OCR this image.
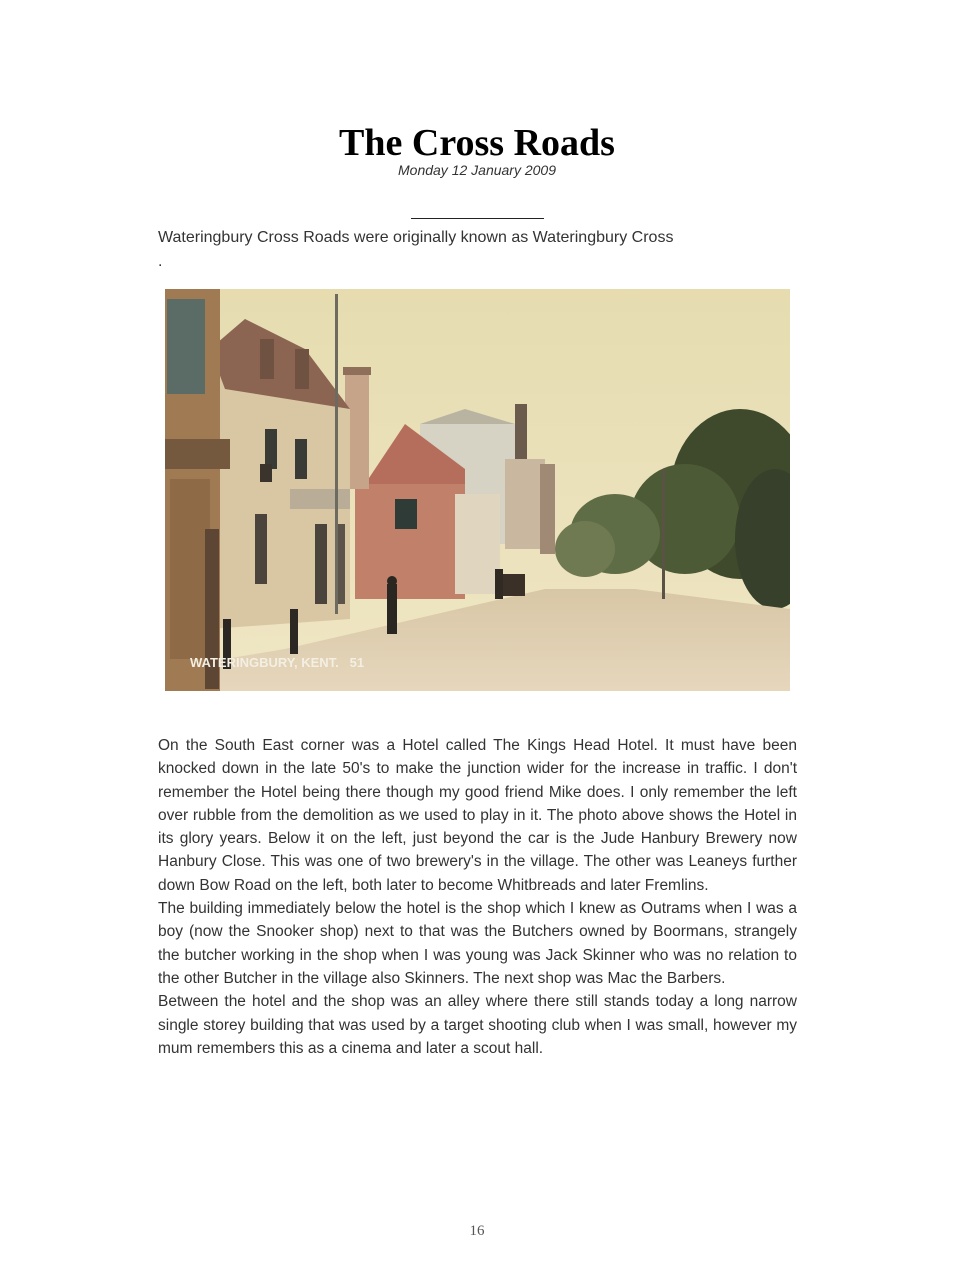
The Cross Roads
Monday 12 January 2009
Wateringbury Cross Roads were originally known as Wateringbury Cross
.
WATERINGBURY, KENT.   51

On the South East corner was a Hotel called The Kings Head Hotel. It must have been knocked down in the late 50's to make the junction wider for the increase in traffic. I don't remember the Hotel being there though my good friend Mike does. I only remember the left over rubble from the demolition as we used to play in it. The photo above shows the Hotel in its glory years. Below it on the left, just beyond the car is the Jude Hanbury Brewery now Hanbury Close. This was one of two brewery's in the village. The other was Leaneys further down Bow Road on the left, both later to become Whitbreads and later Fremlins.

The building immediately below the hotel is the shop which I knew as Outrams when I was a boy (now the Snooker shop) next to that was the Butchers owned by Boormans, strangely the butcher working in the shop when I was young was Jack Skinner who was no relation to the other Butcher in the village also Skinners. The next shop was Mac the Barbers.

Between the hotel and the shop was an alley where there still stands today a long narrow single storey building that was used by a target shooting club when I was small, however my mum remembers this as a cinema and later a scout hall.

16
